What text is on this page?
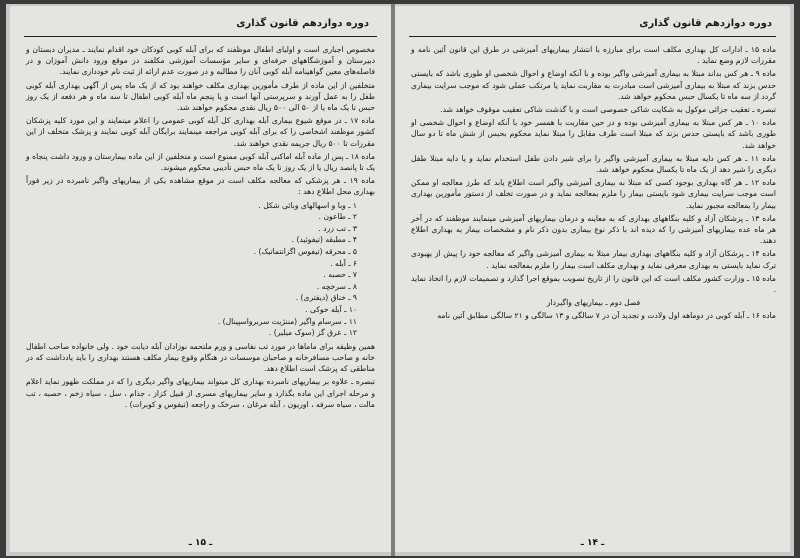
دوره دوازدهم قانون گذاری

مخصوص اجباری است و اولیای اطفال موظفند که برای آبله کوبی کودکان خود اقدام نمایند ـ مدیران دبستان و دبیرستان و آموزشگاههای حرفه‌ای و سایر مؤسسات آموزشی مکلفند در موقع ورود دانش آموزان و در فاصله‌های معین گواهینامه آبله کوبی آنان را مطالبه و در صورت عدم ارائه از ثبت نام خودداری نمایند.

متخلفین از این ماده از طرف مأمورین بهداری مکلف خواهند بود که از یک ماه پس از آگهی بهداری آبله کوبی طفل را به عمل آورند و سرپرستی آنها است و یا پنجم ماه آبله کوبی اطفال تا سه ماه و هر دفعه از یک روز حبس تا یک ماه یا از ۵۰ الی ۵۰۰ ریال نقدی محکوم خواهند شد.

ماده ۱۷ ـ در موقع شیوع بیماری آبله بهداری کل آبله کوبی عمومی را اعلام مینمایند و این مورد کلیه پزشکان کشور موظفند اشخاصی را که برای آبله کوبی مراجعه مینمایند برایگان آبله کوبی نمایند و پزشک متخلف از این مقررات تا ۵۰۰ ریال جریمه نقدی خواهند شد.

ماده ۱۸ ـ پس از ماده آبله اماکنی آبله کوبی ممنوع است و متخلفین از این ماده بیمارستان و ورود داشت پنجاه و یک تا پانصد ریال یا از یک روز تا یک ماه حبس تأدیبی محکوم میشوند.

ماده ۱۹ ـ هر پزشکی که معالجه مکلف است در موقع مشاهده یکی از بیماریهای واگیر نامبرده در زیر فوراً بهداری محل اطلاع دهد :

۱ ـ وبا و اسهالهای وبائی شکل .
۲ ـ طاعون .
۳ ـ تب زرد .
۴ ـ مطبقه (تیفوئید) .
۵ ـ محرقه (تیفوس اگزانتماتیک) .
۶ ـ آبله .
۷ ـ حصبه .
۸ ـ سرخچه .
۹ ـ خناق (دیفتری) .
۱۰ ـ آبله خوکی .
۱۱ ـ سرسام واگیر (مننژیت سربرواسپینال) .
۱۲ ـ عرق گز (سوک میلیر) .

همین وظیفه برای ماماها در مورد تب نفاسی و ورم ملتحمه نوزادان آبله دیابت خود . ولی خانواده صاحب اطفال خانه و صاحب مسافرخانه و صاحبان موسسات در هنگام وقوع بیمار مکلف هستند بهداری را باید یادداشت که در مناطقی که پزشک است اطلاع دهد.

تبصره ـ علاوه بر بیماریهای نامبرده بهداری کل میتواند بیماریهای واگیر دیگری را که در مملکت ظهور نماید اعلام و مرحله اجرای این ماده بگذارد و سایر بیماریهای مسری از قبیل کزاز ، جذام ، سل ، سیاه زخم ، حصبه ، تب مالت ، سیاه سرفه ، اوریون ، آبله مرغان ، سرخک و راجعه (تیفوس و کوبرات) .

ـ ۱۵ ـ
دوره دوازدهم قانون گذاری

ماده ۱۵ ـ ادارات کل بهداری مکلف است برای مبارزه با انتشار بیماریهای آمیزشی در طرق این قانون آئین نامه و مقررات لازم وضع نماید .

ماده ۹ ـ هر کس بداند مبتلا به بیماری آمیزشی واگیر بوده و با آنکه اوضاع و احوال شخصی او طوری باشد که بایستی حدس بزند که مبتلا به بیماری آمیزشی است مبادرت به مقاربت نماید یا مرتکب عملی شود که موجب سرایت بیماری گردد از سه ماه تا یکسال حبس محکوم خواهد شد.

تبصره ـ تعقیب جزائی موکول به شکایت شاکی خصوصی است و با گذشت شاکی تعقیب موقوف خواهد شد.

ماده ۱۰ ـ هر کس مبتلا به بیماری آمیزشی بوده و در حین مقاربت با همسر خود با آنکه اوضاع و احوال شخصی او طوری باشد که بایستی حدس بزند که مبتلا است طرف مقابل را مبتلا نماید محکوم بحبس از شش ماه تا دو سال خواهد شد.

ماده ۱۱ ـ هر کس دایه مبتلا به بیماری آمیزشی واگیر را برای شیر دادن طفل استخدام نماید و یا دایه مبتلا طفل دیگری را شیر دهد از یک ماه تا یکسال محکوم خواهد شد.

ماده ۱۲ ـ هر گاه بهداری بوجود کسی که مبتلا به بیماری آمیزشی واگیر است اطلاع یابد که طرز معالجه او ممکن است موجب سرایت بیماری شود بایستی بیمار را ملزم بمعالجه نماید و در صورت تخلف از دستور مأمورین بهداری بیمار را بمعالجه مجبور نماید.

ماده ۱۳ ـ پزشکان آزاد و کلیه بنگاههای بهداری که به معاینه و درمان بیماریهای آمیزشی مینمایند موظفند که در آخر هر ماه عده بیماریهای آمیزشی را که دیده اند با ذکر نوع بیماری بدون ذکر نام و مشخصات بیمار به بهداری اطلاع دهند.

ماده ۱۴ ـ پزشکان آزاد و کلیه بنگاههای بهداری بیمار مبتلا به بیماری آمیزشی واگیر که معالجه خود را پیش از بهبودی ترک نماید بایستی به بهداری معرفی نماید و بهداری مکلف است بیمار را ملزم بمعالجه نماید .

ماده ۱۵ ـ وزارت کشور مکلف است که این قانون را از تاریخ تصویب بموقع اجرا گذارد و تصمیمات لازم را اتخاذ نماید .

فصل دوم ـ بیماریهای واگیردار

ماده ۱۶ ـ آبله کوبی در دوماهه اول ولادت و تجدید آن در ۷ سالگی و ۱۳ سالگی و ۲۱ سالگی مطابق آئین نامه

ـ ۱۴ ـ
